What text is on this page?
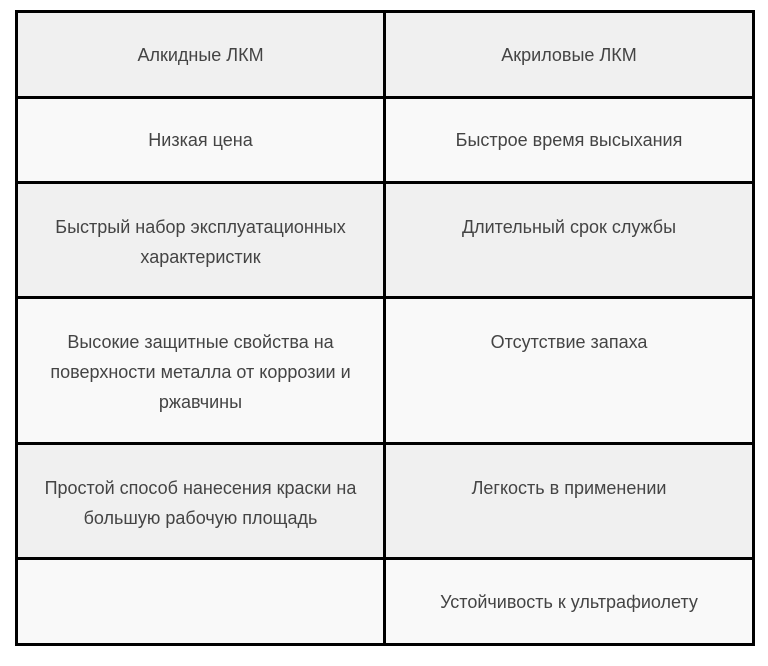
Алкидные ЛКМ	Акриловые ЛКМ
Низкая цена	Быстрое время высыхания
Быстрый набор эксплуатационных характеристик	Длительный срок службы
Высокие защитные свойства на поверхности металла от коррозии и ржавчины	Отсутствие запаха
Простой способ нанесения краски на большую рабочую площадь	Легкость в применении
	Устойчивость к ультрафиолету
